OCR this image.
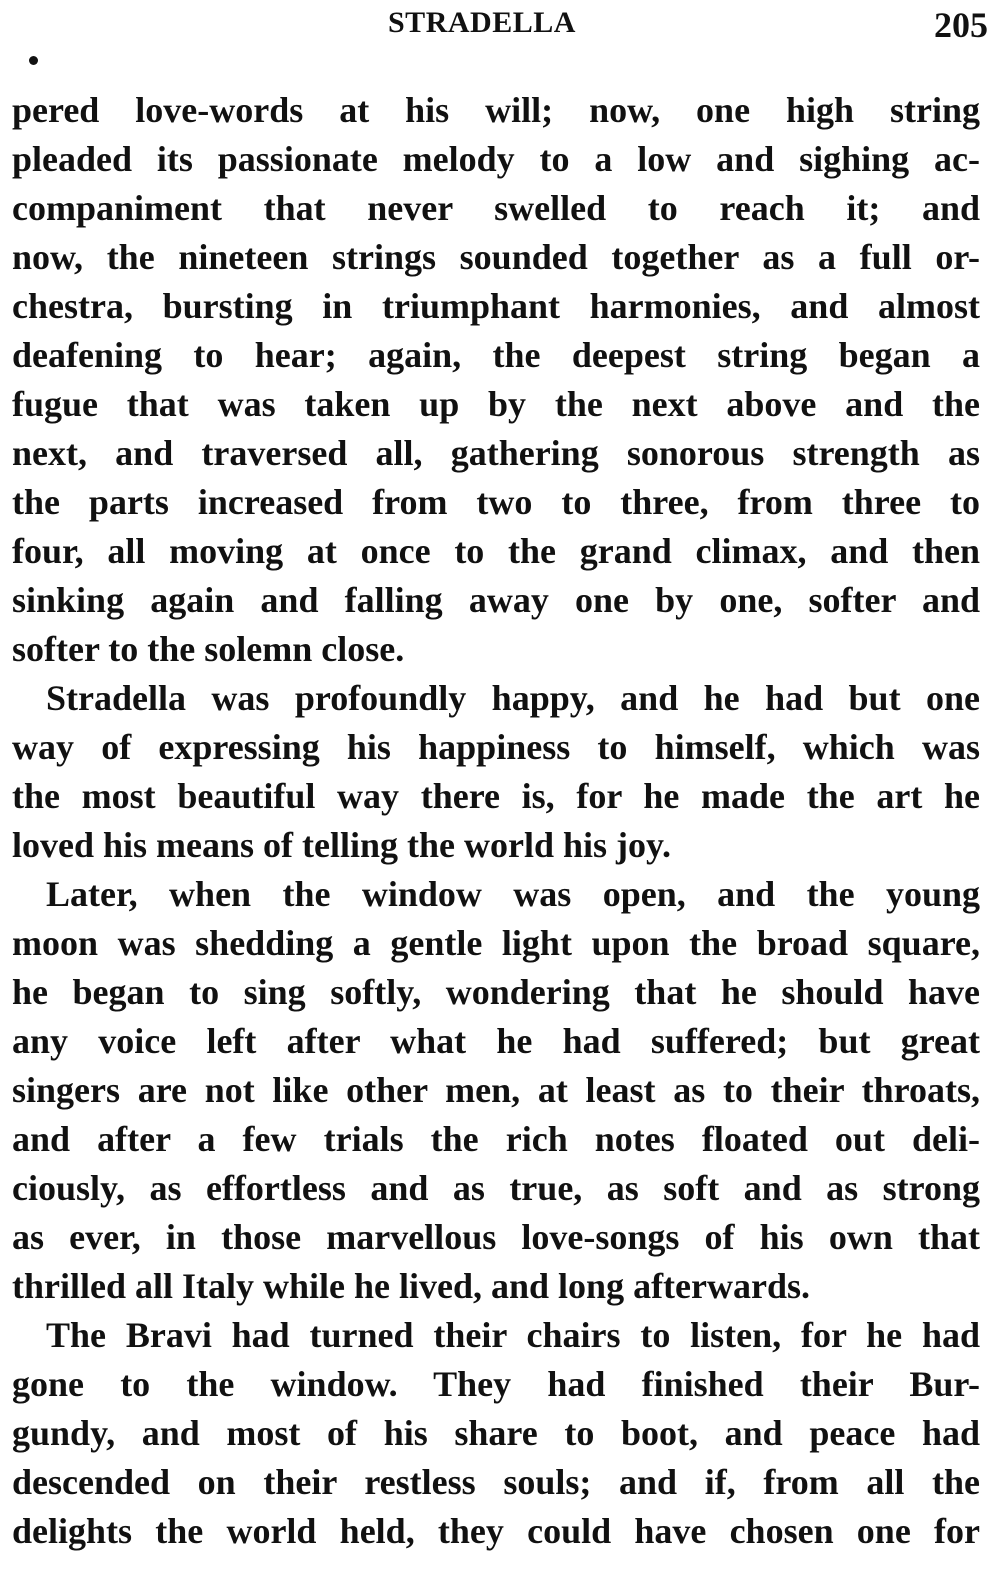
STRADELLA	205
pered love-words at his will; now, one high string
pleaded its passionate melody to a low and sighing ac-
companiment that never swelled to reach it; and
now, the nineteen strings sounded together as a full or-
chestra, bursting in triumphant harmonies, and almost
deafening to hear; again, the deepest string began a
fugue that was taken up by the next above and the
next, and traversed all, gathering sonorous strength as
the parts increased from two to three, from three to
four, all moving at once to the grand climax, and then
sinking again and falling away one by one, softer and
softer to the solemn close.
Stradella was profoundly happy, and he had but one
way of expressing his happiness to himself, which was
the most beautiful way there is, for he made the art he
loved his means of telling the world his joy.
Later, when the window was open, and the young
moon was shedding a gentle light upon the broad square,
he began to sing softly, wondering that he should have
any voice left after what he had suffered; but great
singers are not like other men, at least as to their throats,
and after a few trials the rich notes floated out deli-
ciously, as effortless and as true, as soft and as strong
as ever, in those marvellous love-songs of his own that
thrilled all Italy while he lived, and long afterwards.
The Bravi had turned their chairs to listen, for he had
gone to the window. They had finished their Bur-
gundy, and most of his share to boot, and peace had
descended on their restless souls; and if, from all the
delights the world held, they could have chosen one for
